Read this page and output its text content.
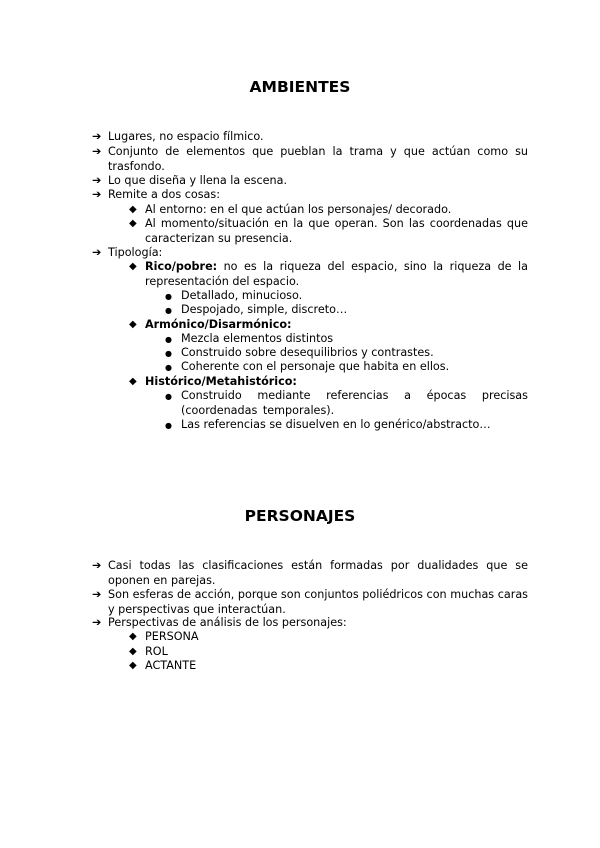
AMBIENTES
➔ Lugares, no espacio fílmico.
➔ Conjunto de elementos que pueblan la trama y que actúan como su trasfondo.
➔ Lo que diseña y llena la escena.
➔ Remite a dos cosas:
◆ Al entorno: en el que actúan los personajes/ decorado.
◆ Al momento/situación en la que operan. Son las coordenadas que caracterizan su presencia.
➔ Tipología:
◆ Rico/pobre: no es la riqueza del espacio, sino la riqueza de la representación del espacio.
● Detallado, minucioso.
● Despojado, simple, discreto…
◆ Armónico/Disarmónico:
● Mezcla elementos distintos
● Construido sobre desequilibrios y contrastes.
● Coherente con el personaje que habita en ellos.
◆ Histórico/Metahistórico:
● Construido mediante referencias a épocas precisas (coordenadas temporales).
● Las referencias se disuelven en lo genérico/abstracto…
PERSONAJES
➔ Casi todas las clasificaciones están formadas por dualidades que se oponen en parejas.
➔ Son esferas de acción, porque son conjuntos poliédricos con muchas caras y perspectivas que interactúan.
➔ Perspectivas de análisis de los personajes:
◆ PERSONA
◆ ROL
◆ ACTANTE
